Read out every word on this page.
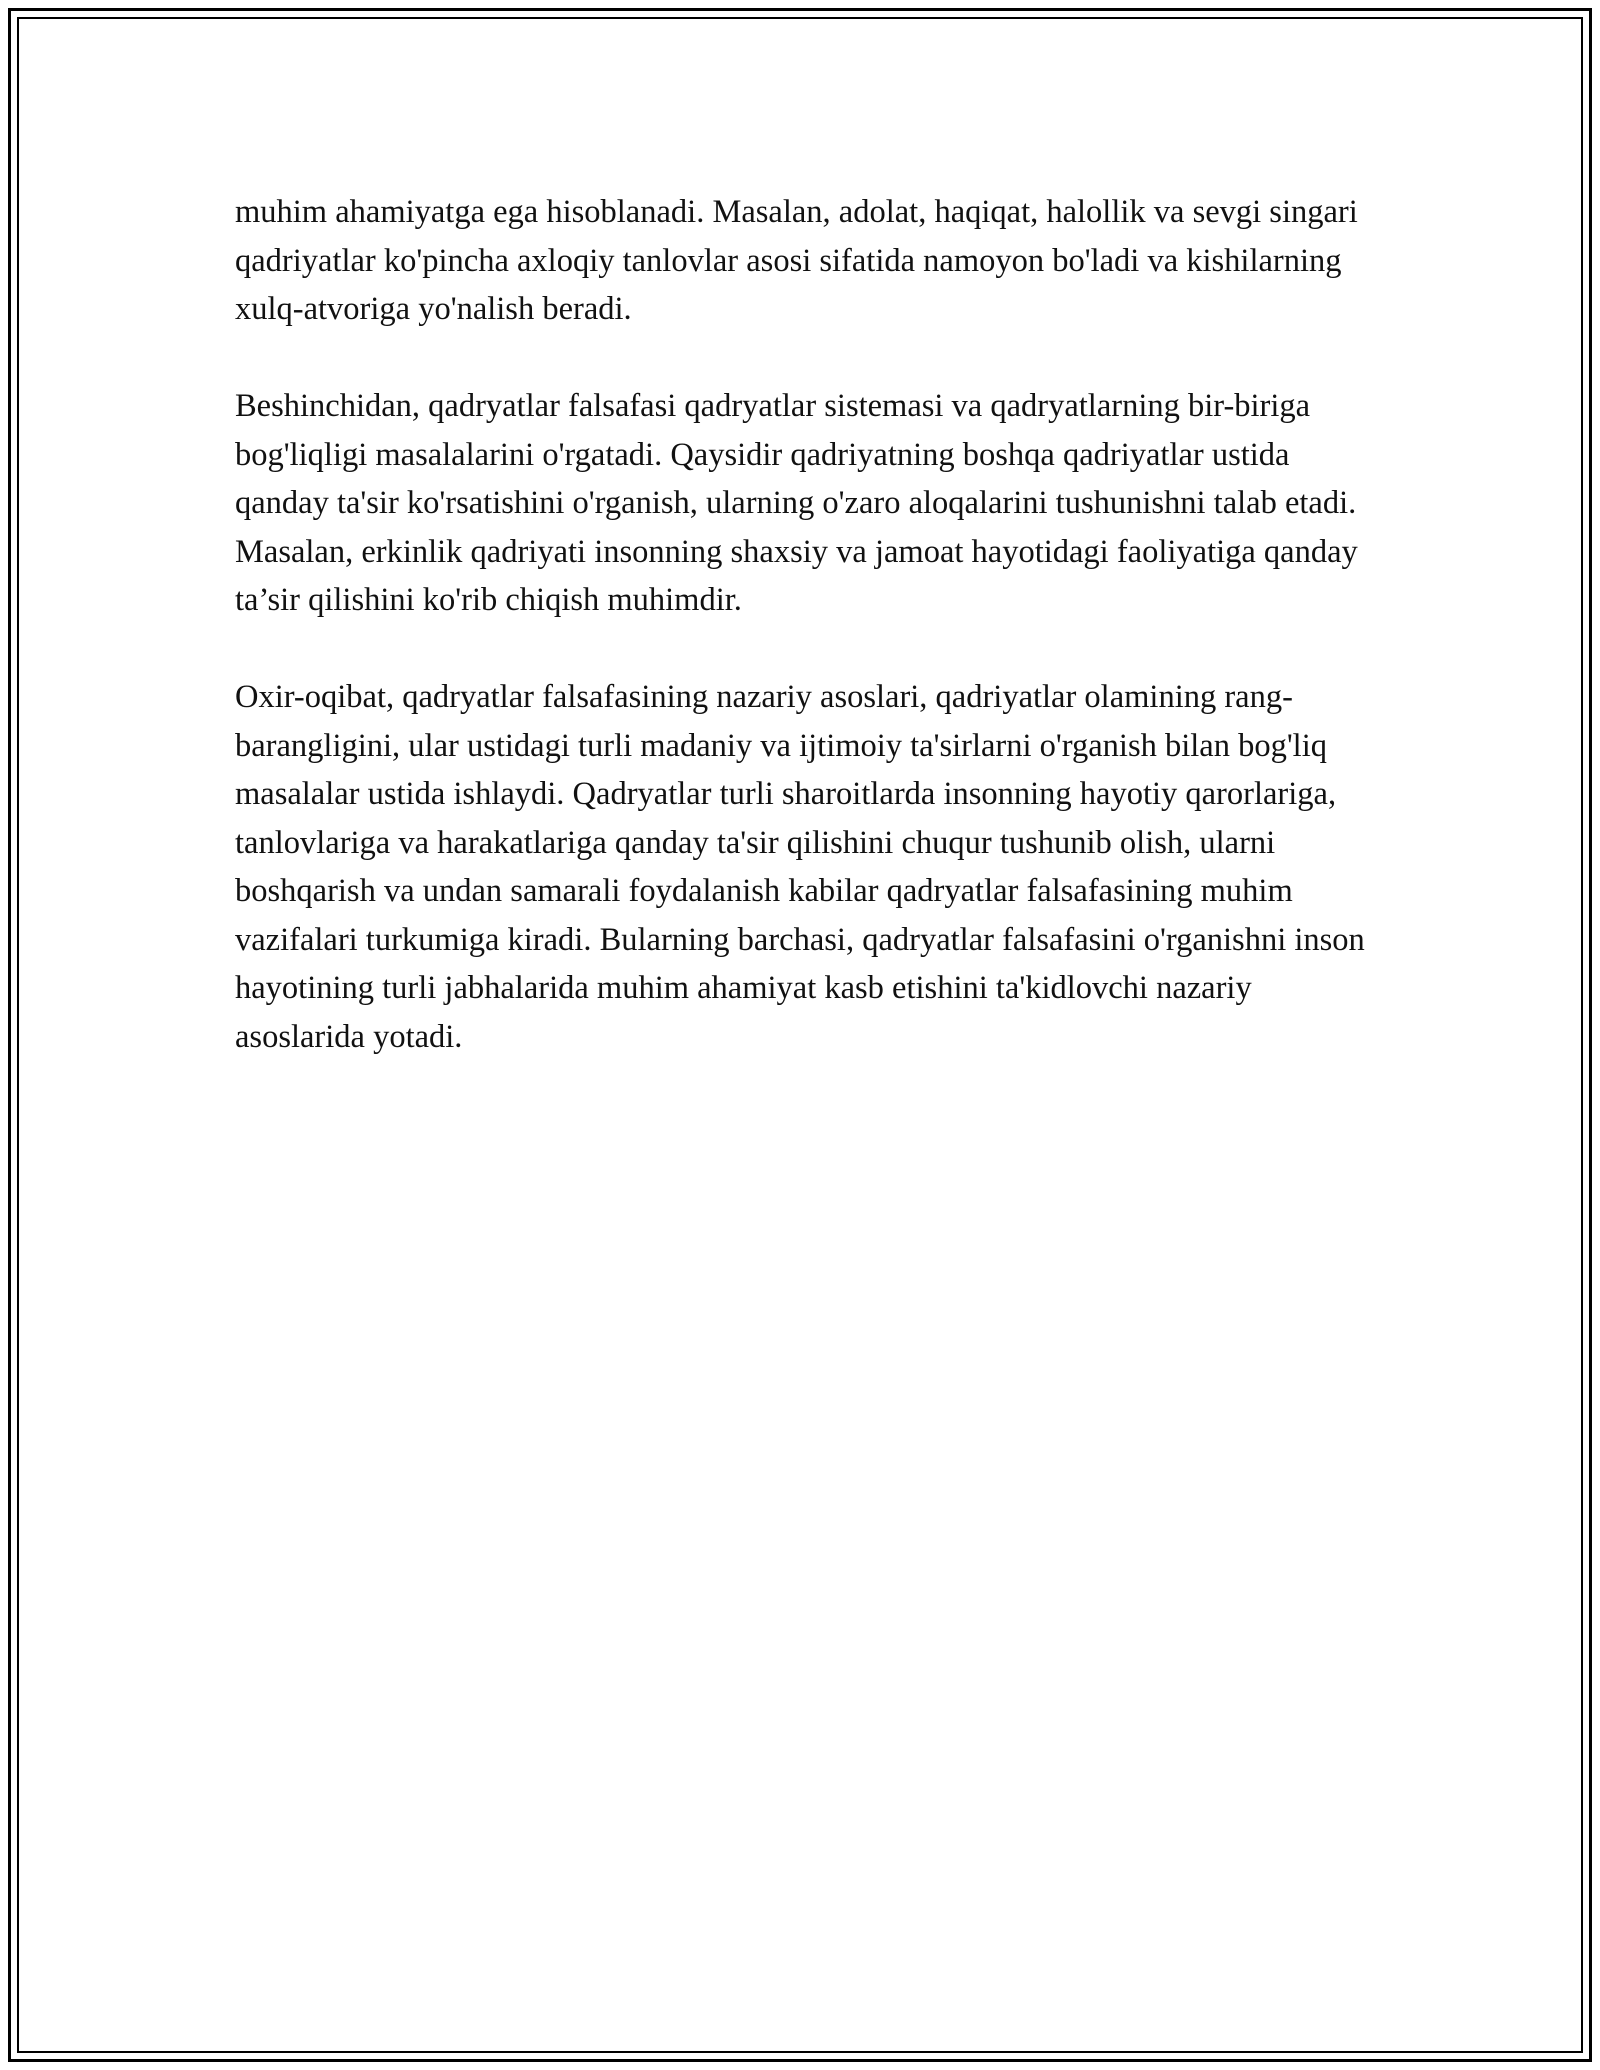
muhim ahamiyatga ega hisoblanadi. Masalan, adolat, haqiqat, halollik va sevgi singari qadriyatlar ko'pincha axloqiy tanlovlar asosi sifatida namoyon bo'ladi va kishilarning xulq-atvoriga yo'nalish beradi.

Beshinchidan, qadryatlar falsafasi qadryatlar sistemasi va qadryatlarning bir-biriga bog'liqligi masalalarini o'rgatadi. Qaysidir qadriyatning boshqa qadriyatlar ustida qanday ta'sir ko'rsatishini o'rganish, ularning o'zaro aloqalarini tushunishni talab etadi. Masalan, erkinlik qadriyati insonning shaxsiy va jamoat hayotidagi faoliyatiga qanday ta’sir qilishini ko'rib chiqish muhimdir.

Oxir-oqibat, qadryatlar falsafasining nazariy asoslari, qadriyatlar olamining rang-barangligini, ular ustidagi turli madaniy va ijtimoiy ta'sirlarni o'rganish bilan bog'liq masalalar ustida ishlaydi. Qadryatlar turli sharoitlarda insonning hayotiy qarorlariga, tanlovlariga va harakatlariga qanday ta'sir qilishini chuqur tushunib olish, ularni boshqarish va undan samarali foydalanish kabilar qadryatlar falsafasining muhim vazifalari turkumiga kiradi. Bularning barchasi, qadryatlar falsafasini o'rganishni inson hayotining turli jabhalarida muhim ahamiyat kasb etishini ta'kidlovchi nazariy asoslarida yotadi.
